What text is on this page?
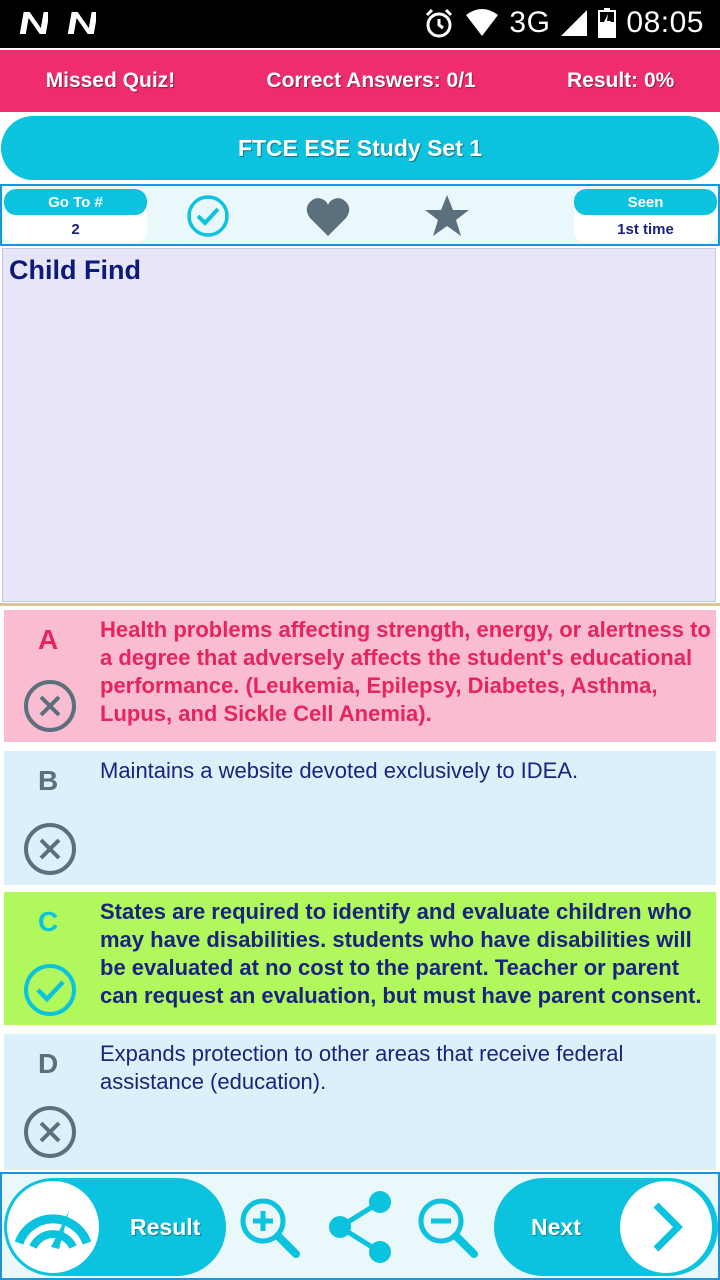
3G	08:05
Missed Quiz!	Correct Answers: 0/1	Result: 0%
FTCE ESE Study Set 1
Go To #
2
Seen
1st time
Child Find
A Health problems affecting strength, energy, or alertness to a degree that adversely affects the student's educational performance. (Leukemia, Epilepsy, Diabetes, Asthma, Lupus, and Sickle Cell Anemia).
B Maintains a website devoted exclusively to IDEA.
C States are required to identify and evaluate children who may have disabilities. students who have disabilities will be evaluated at no cost to the parent. Teacher or parent can request an evaluation, but must have parent consent.
D Expands protection to other areas that receive federal assistance (education).
Result	Next
